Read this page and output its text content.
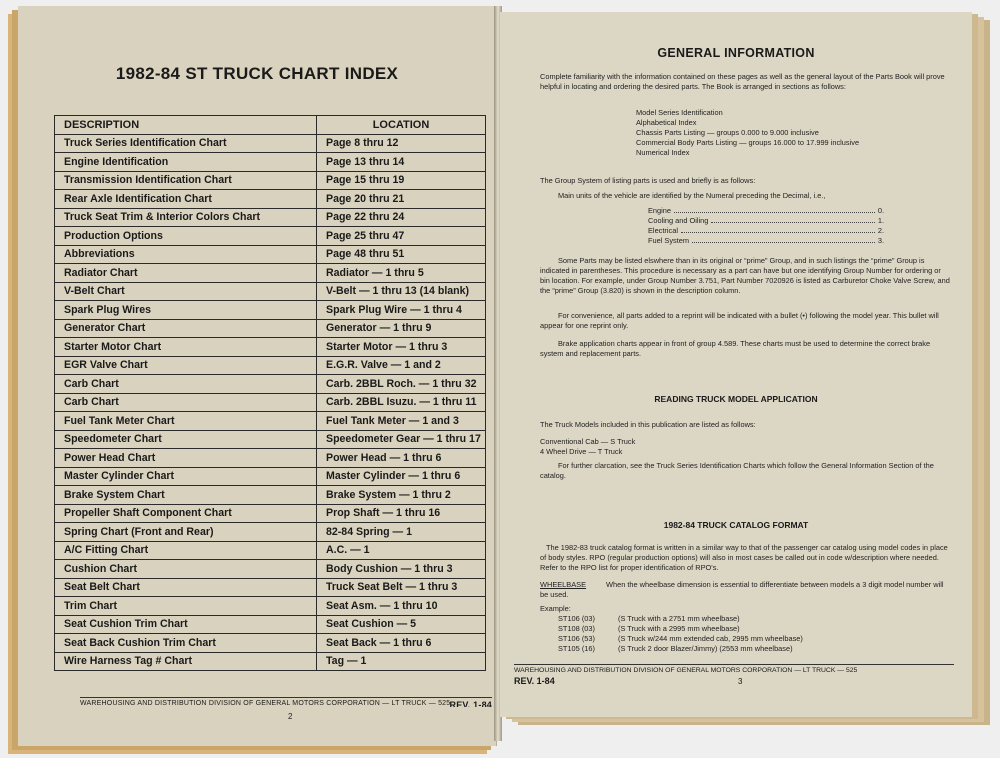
1982-84 ST TRUCK CHART INDEX
DESCRIPTION	LOCATION
Truck Series Identification Chart	Page 8 thru 12
Engine Identification	Page 13 thru 14
Transmission Identification Chart	Page 15 thru 19
Rear Axle Identification Chart	Page 20 thru 21
Truck Seat Trim & Interior Colors Chart	Page 22 thru 24
Production Options	Page 25 thru 47
Abbreviations	Page 48 thru 51
Radiator Chart	Radiator — 1 thru 5
V-Belt Chart	V-Belt — 1 thru 13 (14 blank)
Spark Plug Wires	Spark Plug Wire — 1 thru 4
Generator Chart	Generator — 1 thru 9
Starter Motor Chart	Starter Motor — 1 thru 3
EGR Valve Chart	E.G.R. Valve — 1 and 2
Carb Chart	Carb. 2BBL Roch. — 1 thru 32
Carb Chart	Carb. 2BBL Isuzu. — 1 thru 11
Fuel Tank Meter Chart	Fuel Tank Meter — 1 and 3
Speedometer Chart	Speedometer Gear — 1 thru 17
Power Head Chart	Power Head — 1 thru 6
Master Cylinder Chart	Master Cylinder — 1 thru 6
Brake System Chart	Brake System — 1 thru 2
Propeller Shaft Component Chart	Prop Shaft — 1 thru 16
Spring Chart (Front and Rear)	82-84 Spring — 1
A/C Fitting Chart	A.C. — 1
Cushion Chart	Body Cushion — 1 thru 3
Seat Belt Chart	Truck Seat Belt — 1 thru 3
Trim Chart	Seat Asm. — 1 thru 10
Seat Cushion Trim Chart	Seat Cushion — 5
Seat Back Cushion Trim Chart	Seat Back — 1 thru 6
Wire Harness Tag # Chart	Tag — 1
WAREHOUSING AND DISTRIBUTION DIVISION OF GENERAL MOTORS CORPORATION — LT TRUCK — 525 REV. 1-84
2
GENERAL INFORMATION
Complete familiarity with the information contained on these pages as well as the general layout of the Parts Book will prove helpful in locating and ordering the desired parts. The Book is arranged in sections as follows:
Model Series Identification
Alphabetical Index
Chassis Parts Listing — groups 0.000 to 9.000 inclusive
Commercial Body Parts Listing — groups 16.000 to 17.999 inclusive
Numerical Index
The Group System of listing parts is used and briefly is as follows:
Main units of the vehicle are identified by the Numeral preceding the Decimal, i.e.,
Engine	0.
Cooling and Oiling	1.
Electrical	2.
Fuel System	3.
Some Parts may be listed elswhere than in its original or “prime” Group, and in such listings the “prime” Group is indicated in parentheses. This procedure is necessary as a part can have but one identifying Group Number for ordering or bin location. For example, under Group Number 3.751, Part Number 7020926 is listed as Carburetor Choke Valve Screw, and the “prime” Group (3.820) is shown in the description column.
For convenience, all parts added to a reprint will be indicated with a bullet (•) following the model year. This bullet will appear for one reprint only.
Brake application charts appear in front of group 4.589. These charts must be used to determine the correct brake system and replacement parts.
READING TRUCK MODEL APPLICATION
The Truck Models included in this publication are listed as follows:
Conventional Cab — S Truck
4 Wheel Drive — T Truck
For further clarcation, see the Truck Series Identification Charts which follow the General Information Section of the catalog.
1982-84 TRUCK CATALOG FORMAT
The 1982-83 truck catalog format is written in a similar way to that of the passenger car catalog using model codes in place of body styles. RPO (regular production options) will also in most cases be called out in code w/description where needed. Refer to the RPO list for proper identification of RPO's.
WHEELBASE	When the wheelbase dimension is essential to differentiate between models a 3 digit model number will be used.
Example:
ST106 (03)	(S Truck with a 2751 mm wheelbase)
ST108 (03)	(S Truck with a 2995 mm wheelbase)
ST106 (53)	(S Truck w/244 mm extended cab, 2995 mm wheelbase)
ST105 (16)	(S Truck 2 door Blazer/Jimmy) (2553 mm wheelbase)
WAREHOUSING AND DISTRIBUTION DIVISION OF GENERAL MOTORS CORPORATION — LT TRUCK — 525
REV. 1-84	3
